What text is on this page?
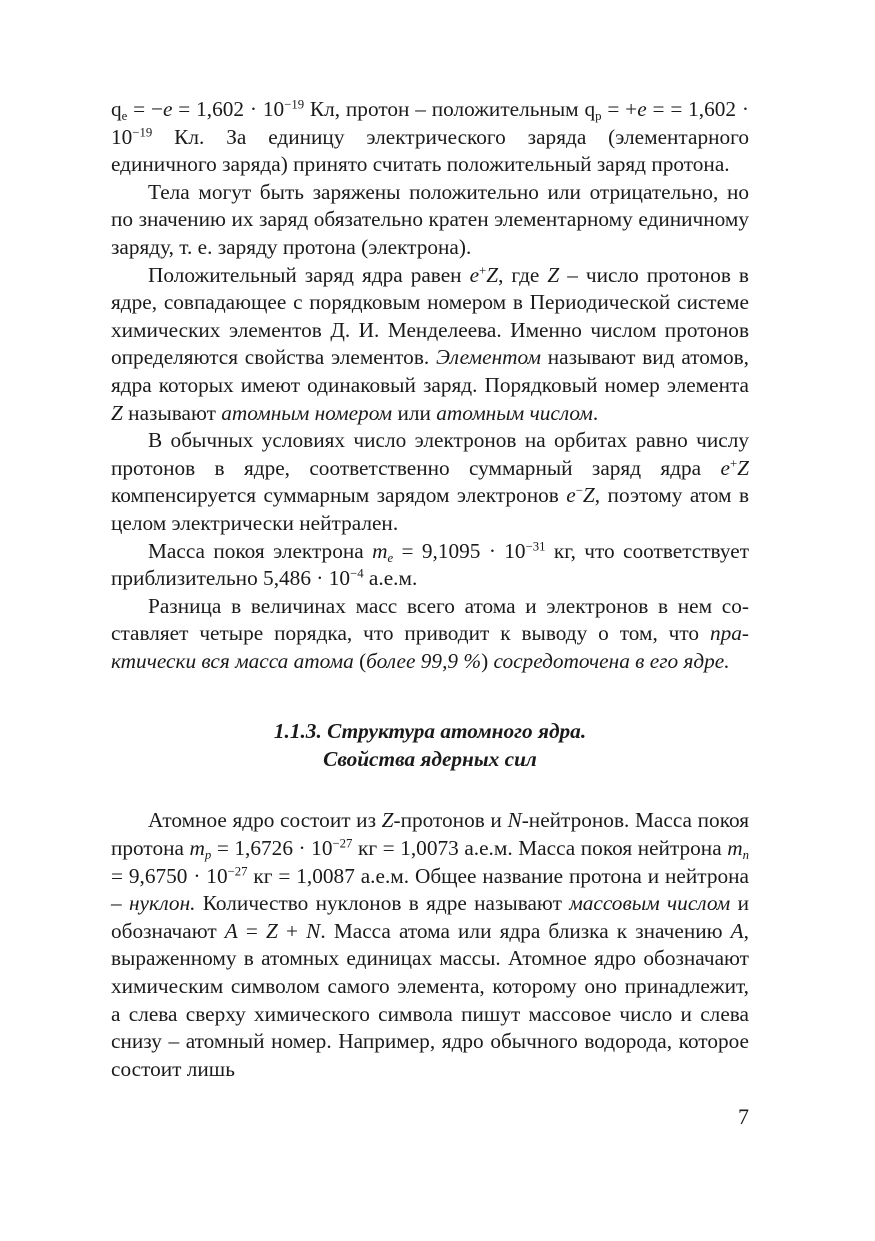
$q_e = -e = 1,602 \cdot 10^{-19}$ Кл, протон – положительным $q_p = +e$ = = $1,602 \cdot 10^{-19}$ Кл. За единицу электрического заряда (элементарного единичного заряда) принято считать положительный заряд протона.

Тела могут быть заряжены положительно или отрицательно, но по значению их заряд обязательно кратен элементарному единичному заряду, т. е. заряду протона (электрона).

Положительный заряд ядра равен e+Z, где Z – число протонов в ядре, совпадающее с порядковым номером в Периодической системе химических элементов Д. И. Менделеева. Именно числом протонов определяются свойства элементов. Элементом называют вид атомов, ядра которых имеют одинаковый заряд. Порядковый номер элемента Z называют атомным номером или атомным числом.

В обычных условиях число электронов на орбитах равно числу протонов в ядре, соответственно суммарный заряд ядра e+Z компенсируется суммарным зарядом электронов e−Z, поэтому атом в целом электрически нейтрален.

Масса покоя электрона $m_e = 9,1095 \cdot 10^{-31}$ кг, что соответствует приблизительно $5,486 \cdot 10^{-4}$ а.е.м.

Разница в величинах масс всего атома и электронов в нем составляет четыре порядка, что приводит к выводу о том, что практически вся масса атома (более 99,9 %) сосредоточена в его ядре.

1.1.3. Структура атомного ядра.
Свойства ядерных сил

Атомное ядро состоит из Z-протонов и N-нейтронов. Масса покоя протона $m_p = 1,6726 \cdot 10^{-27}$ кг = 1,0073 а.е.м. Масса покоя нейтрона $m_n = 9,6750 \cdot 10^{-27}$ кг = 1,0087 а.е.м. Общее название протона и нейтрона – нуклон. Количество нуклонов в ядре называют массовым числом и обозначают A = Z + N. Масса атома или ядра близка к значению A, выраженному в атомных единицах массы. Атомное ядро обозначают химическим символом самого элемента, которому оно принадлежит, а слева сверху химического символа пишут массовое число и слева снизу – атомный номер. Например, ядро обычного водорода, которое состоит лишь

7
